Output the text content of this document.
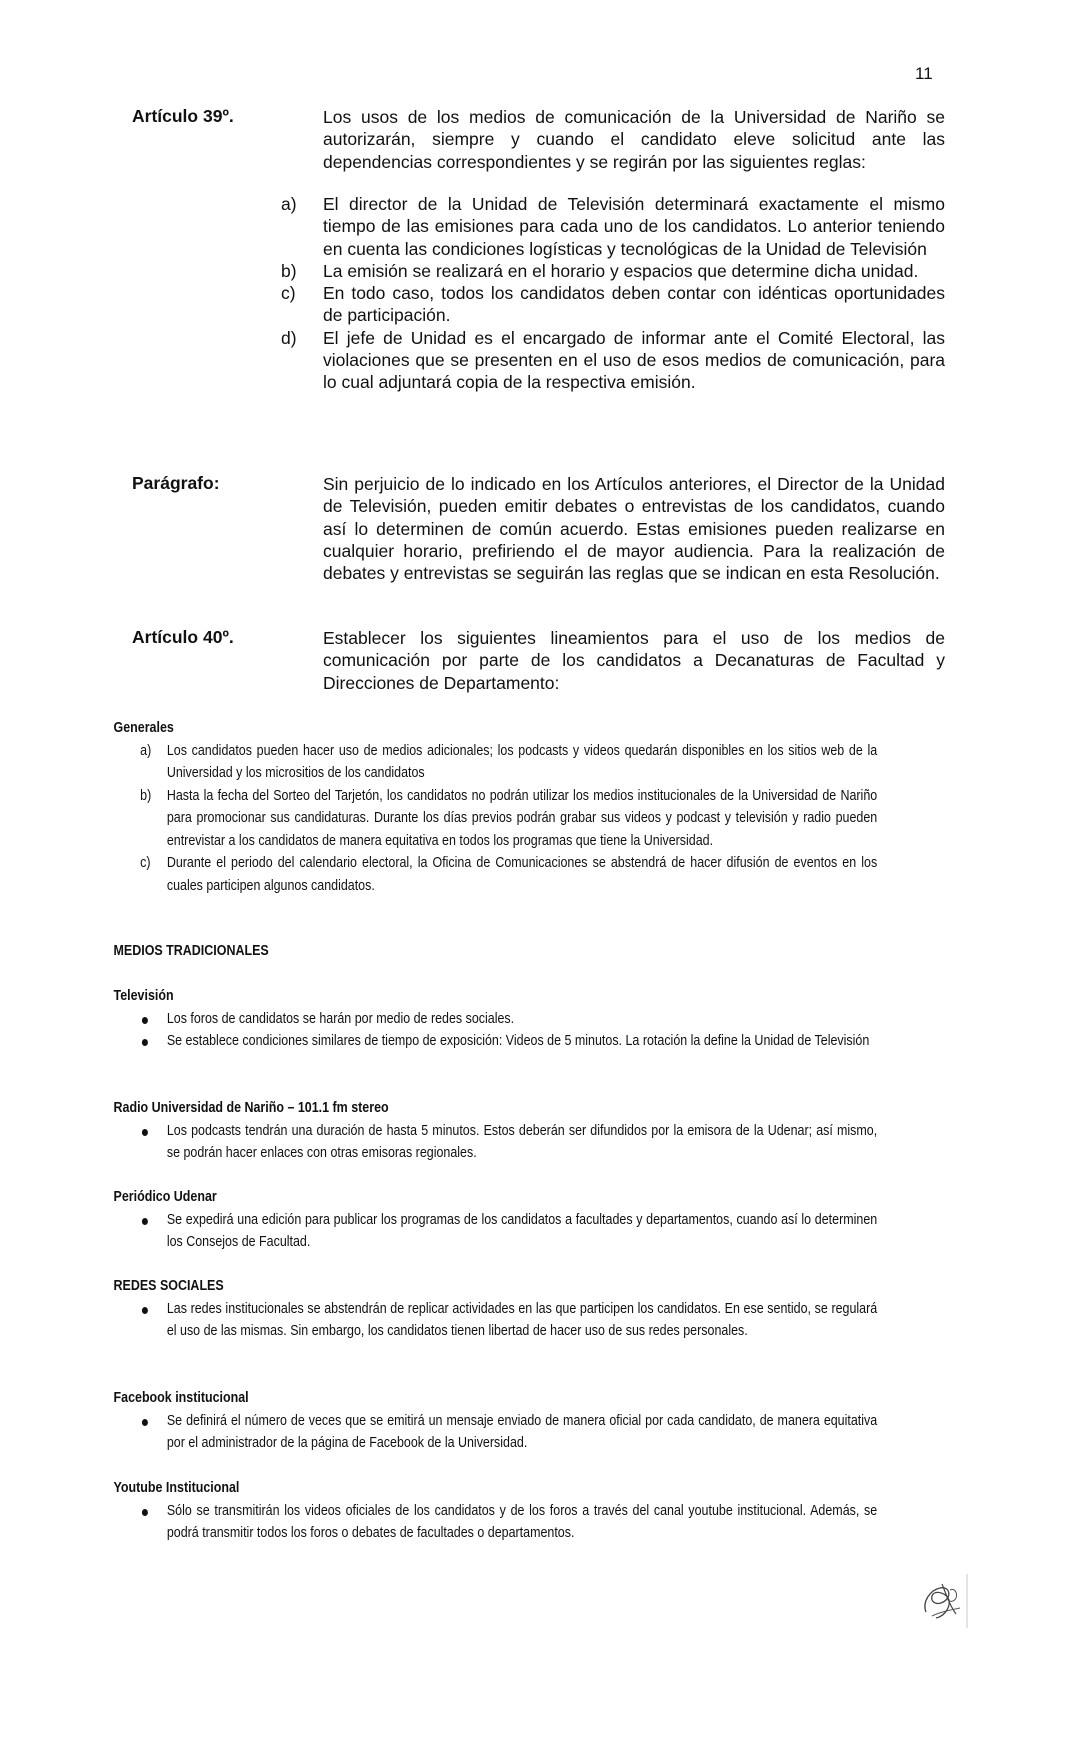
11
Artículo 39º.	Los usos de los medios de comunicación de la Universidad de Nariño se autorizarán, siempre y cuando el candidato eleve solicitud ante las dependencias correspondientes y se regirán por las siguientes reglas:
a)	El director de la Unidad de Televisión determinará exactamente el mismo tiempo de las emisiones para cada uno de los candidatos. Lo anterior teniendo en cuenta las condiciones logísticas y tecnológicas de la Unidad de Televisión
b)	La emisión se realizará en el horario y espacios que determine dicha unidad.
c)	En todo caso, todos los candidatos deben contar con idénticas oportunidades de participación.
d)	El jefe de Unidad es el encargado de informar ante el Comité Electoral, las violaciones que se presenten en el uso de esos medios de comunicación, para lo cual adjuntará copia de la respectiva emisión.
Parágrafo:	Sin perjuicio de lo indicado en los Artículos anteriores, el Director de la Unidad de Televisión, pueden emitir debates o entrevistas de los candidatos, cuando así lo determinen de común acuerdo. Estas emisiones pueden realizarse en cualquier horario, prefiriendo el de mayor audiencia. Para la realización de debates y entrevistas se seguirán las reglas que se indican en esta Resolución.
Artículo 40º.	Establecer los siguientes lineamientos para el uso de los medios de comunicación por parte de los candidatos a Decanaturas de Facultad y Direcciones de Departamento:
Generales
a) Los candidatos pueden hacer uso de medios adicionales; los podcasts y videos quedarán disponibles en los sitios web de la Universidad y los micrositios de los candidatos
b) Hasta la fecha del Sorteo del Tarjetón, los candidatos no podrán utilizar los medios institucionales de la Universidad de Nariño para promocionar sus candidaturas. Durante los días previos podrán grabar sus videos y podcast y televisión y radio pueden entrevistar a los candidatos de manera equitativa en todos los programas que tiene la Universidad.
c) Durante el periodo del calendario electoral, la Oficina de Comunicaciones se abstendrá de hacer difusión de eventos en los cuales participen algunos candidatos.
MEDIOS TRADICIONALES
Televisión
Los foros de candidatos se harán por medio de redes sociales.
Se establece condiciones similares de tiempo de exposición: Videos de 5 minutos. La rotación la define la Unidad de Televisión
Radio Universidad de Nariño – 101.1 fm stereo
Los podcasts tendrán una duración de hasta 5 minutos. Estos deberán ser difundidos por la emisora de la Udenar; así mismo, se podrán hacer enlaces con otras emisoras regionales.
Periódico Udenar
Se expedirá una edición para publicar los programas de los candidatos a facultades y departamentos, cuando así lo determinen los Consejos de Facultad.
REDES SOCIALES
Las redes institucionales se abstendrán de replicar actividades en las que participen los candidatos. En ese sentido, se regulará el uso de las mismas. Sin embargo, los candidatos tienen libertad de hacer uso de sus redes personales.
Facebook institucional
Se definirá el número de veces que se emitirá un mensaje enviado de manera oficial por cada candidato, de manera equitativa por el administrador de la página de Facebook de la Universidad.
Youtube Institucional
Sólo se transmitirán los videos oficiales de los candidatos y de los foros a través del canal youtube institucional. Además, se podrá transmitir todos los foros o debates de facultades o departamentos.
